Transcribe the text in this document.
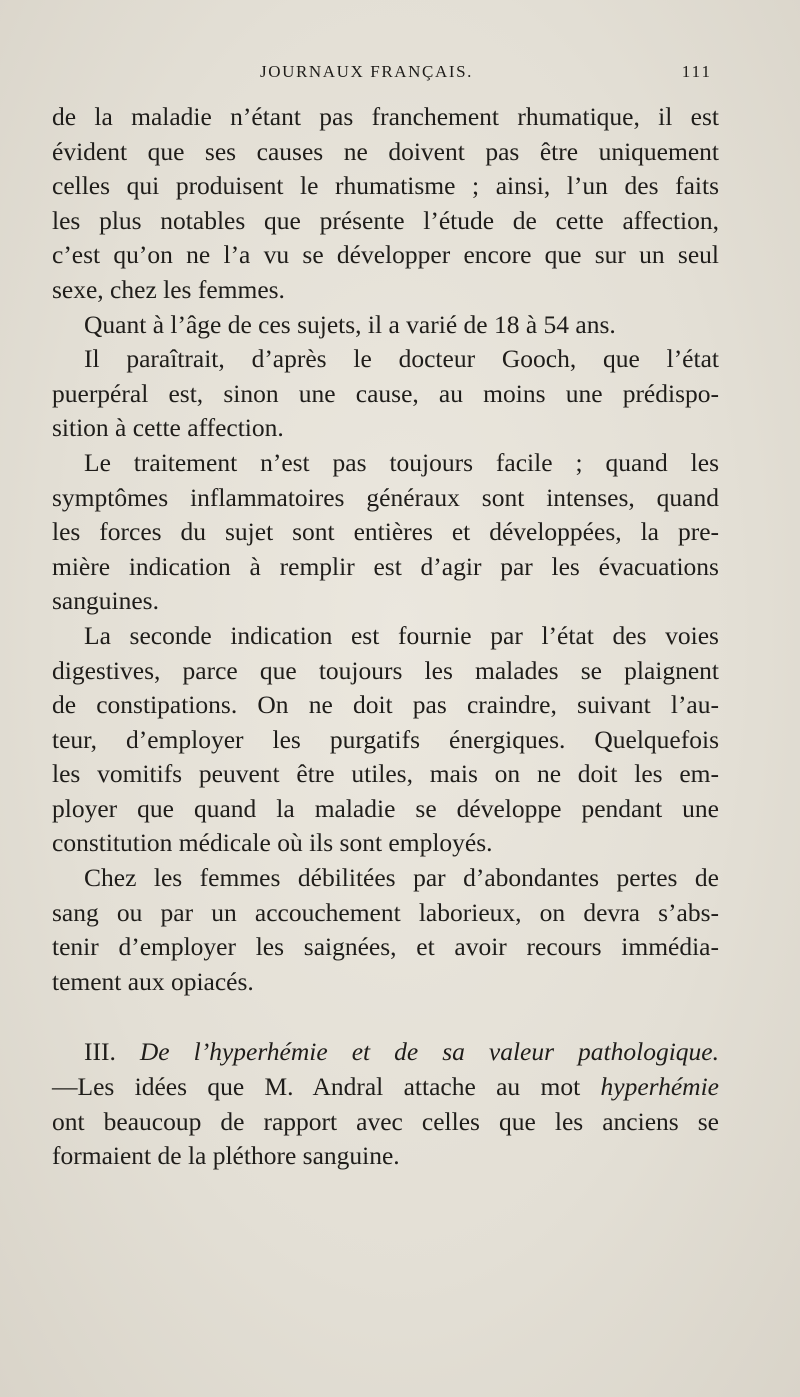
JOURNAUX FRANÇAIS.	111
de la maladie n’étant pas franchement rhumatique, il est
évident que ses causes ne doivent pas être uniquement
celles qui produisent le rhumatisme ; ainsi, l’un des faits
les plus notables que présente l’étude de cette affection,
c’est qu’on ne l’a vu se développer encore que sur un seul
sexe, chez les femmes.
Quant à l’âge de ces sujets, il a varié de 18 à 54 ans.
Il paraîtrait, d’après le docteur Gooch, que l’état
puerpéral est, sinon une cause, au moins une prédispo-
sition à cette affection.
Le traitement n’est pas toujours facile ; quand les
symptômes inflammatoires généraux sont intenses, quand
les forces du sujet sont entières et développées, la pre-
mière indication à remplir est d’agir par les évacuations
sanguines.
La seconde indication est fournie par l’état des voies
digestives, parce que toujours les malades se plaignent
de constipations. On ne doit pas craindre, suivant l’au-
teur, d’employer les purgatifs énergiques. Quelquefois
les vomitifs peuvent être utiles, mais on ne doit les em-
ployer que quand la maladie se développe pendant une
constitution médicale où ils sont employés.
Chez les femmes débilitées par d’abondantes pertes de
sang ou par un accouchement laborieux, on devra s’abs-
tenir d’employer les saignées, et avoir recours immédia-
tement aux opiacés.
III. De l’hyperhémie et de sa valeur pathologique.
—Les idées que M. Andral attache au mot hyperhémie
ont beaucoup de rapport avec celles que les anciens se
formaient de la pléthore sanguine.
